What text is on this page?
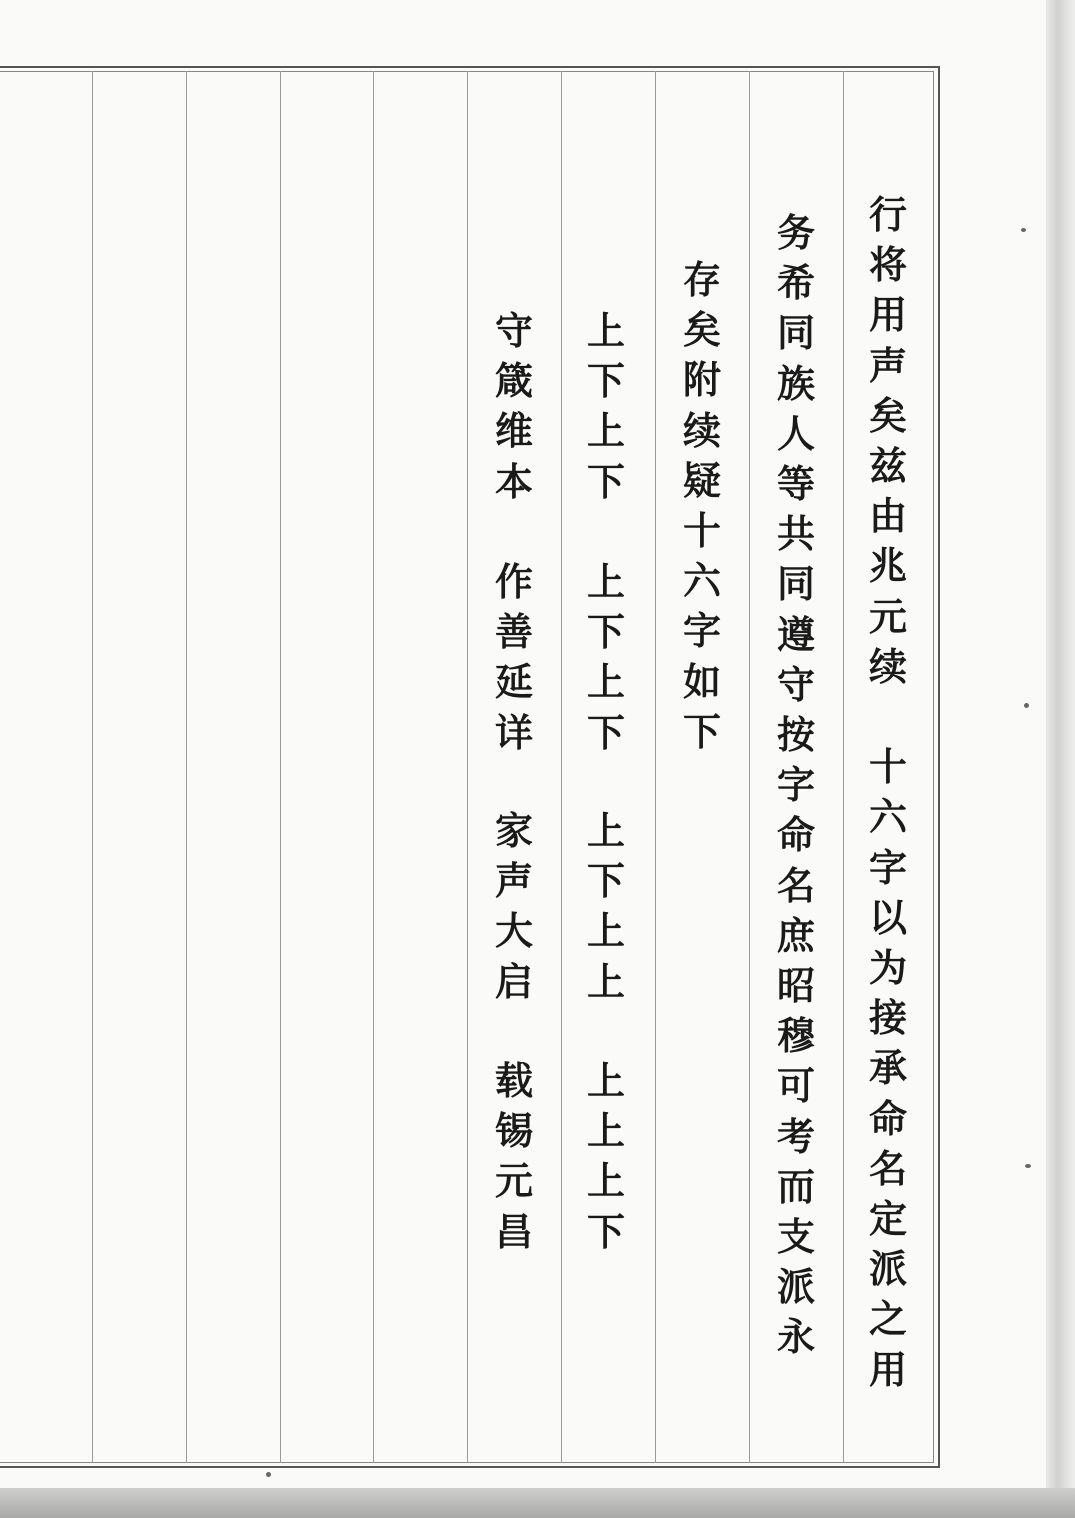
行
将
用
声
矣
兹
由
兆
元
续

十
六
字
以
为
接
承
命
名
定
派
之
用
务
希
同
族
人
等
共
同
遵
守
按
字
命
名
庶
昭
穆
可
考
而
支
派
永
存
矣
附
续
疑
十
六
字
如
下
上
下
上
下
守
箴
维
本
上
下
上
下
作
善
延
详
上
下
上
上
家
声
大
启
上
上
上
下
载
锡
元
昌
